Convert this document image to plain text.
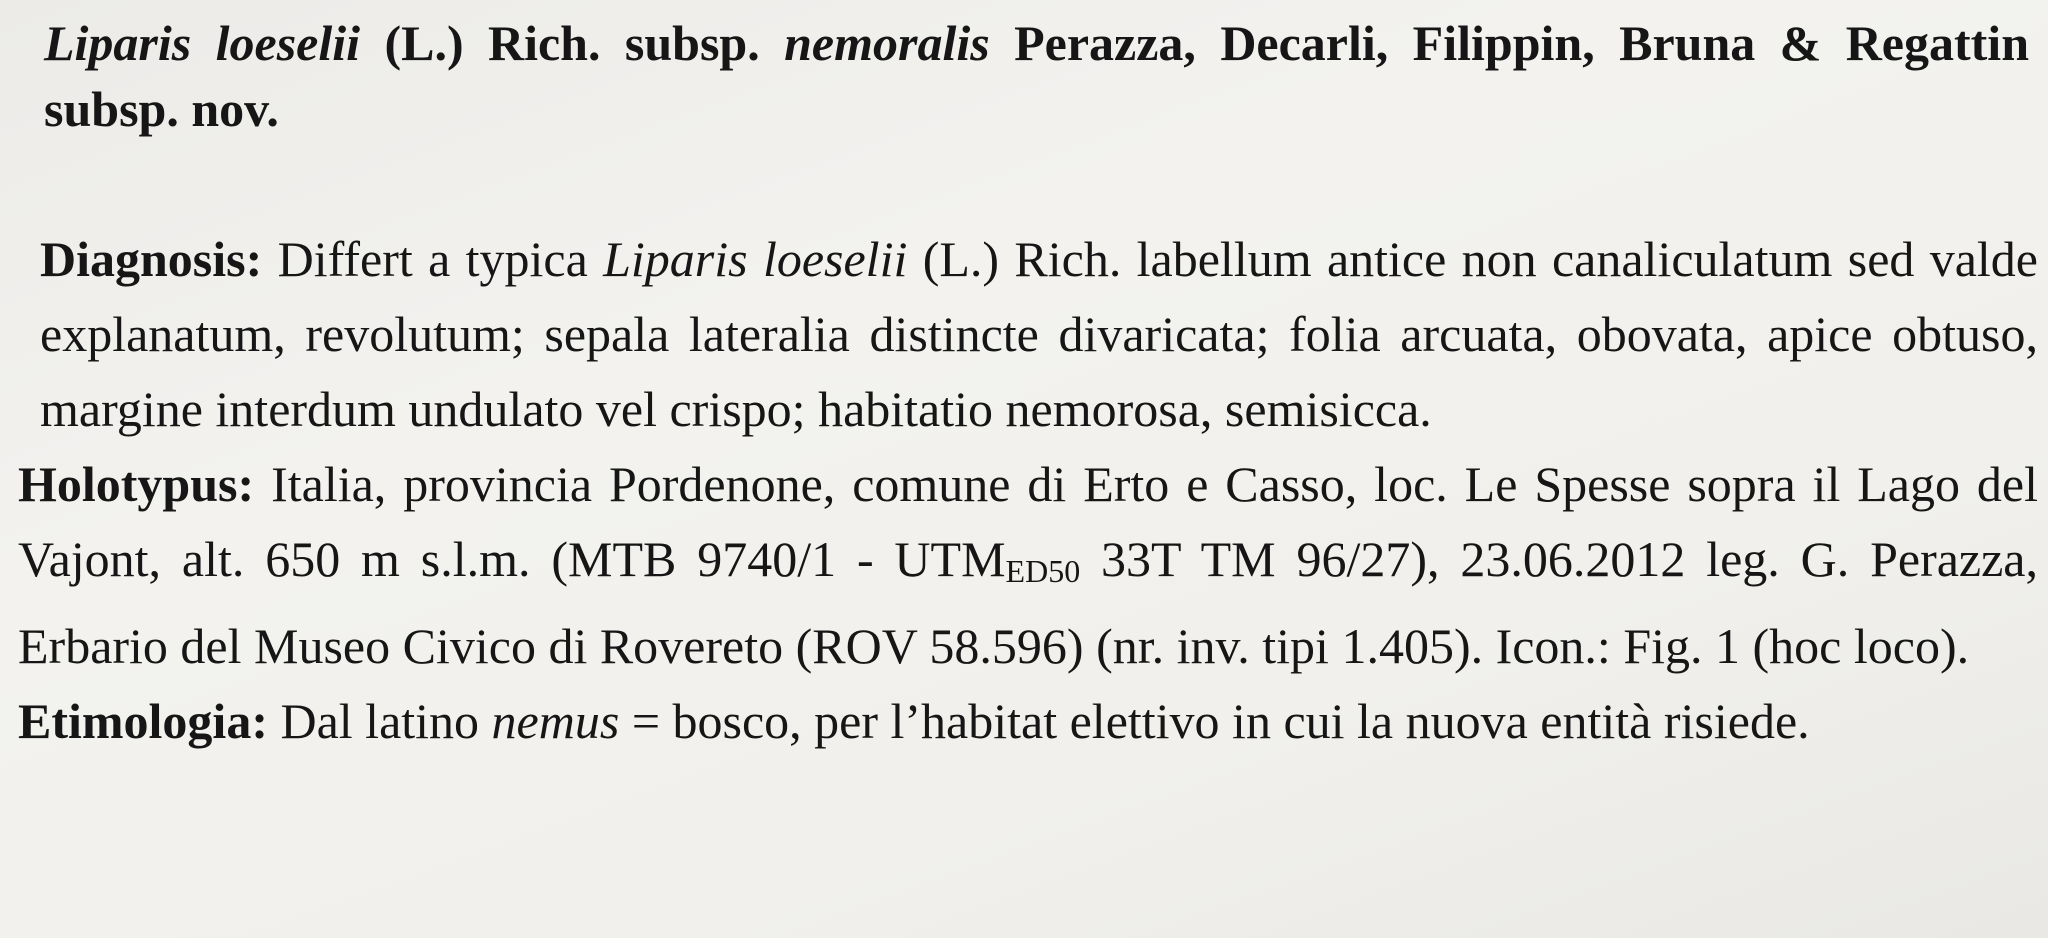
Liparis loeselii (L.) Rich. subsp. nemoralis Perazza, Decarli, Filippin, Bruna & Regattin subsp. nov.

Diagnosis: Differt a typica Liparis loeselii (L.) Rich. labellum antice non canaliculatum sed valde explanatum, revolutum; sepala lateralia distincte divaricata; folia arcuata, obovata, apice obtuso, margine interdum undulato vel crispo; habitatio nemorosa, semisicca.

Holotypus: Italia, provincia Pordenone, comune di Erto e Casso, loc. Le Spesse sopra il Lago del Vajont, alt. 650 m s.l.m. (MTB 9740/1 - UTMED50 33T TM 96/27), 23.06.2012 leg. G. Perazza, Erbario del Museo Civico di Rovereto (ROV 58.596) (nr. inv. tipi 1.405). Icon.: Fig. 1 (hoc loco).

Etimologia: Dal latino nemus = bosco, per l’habitat elettivo in cui la nuova entità risiede.
